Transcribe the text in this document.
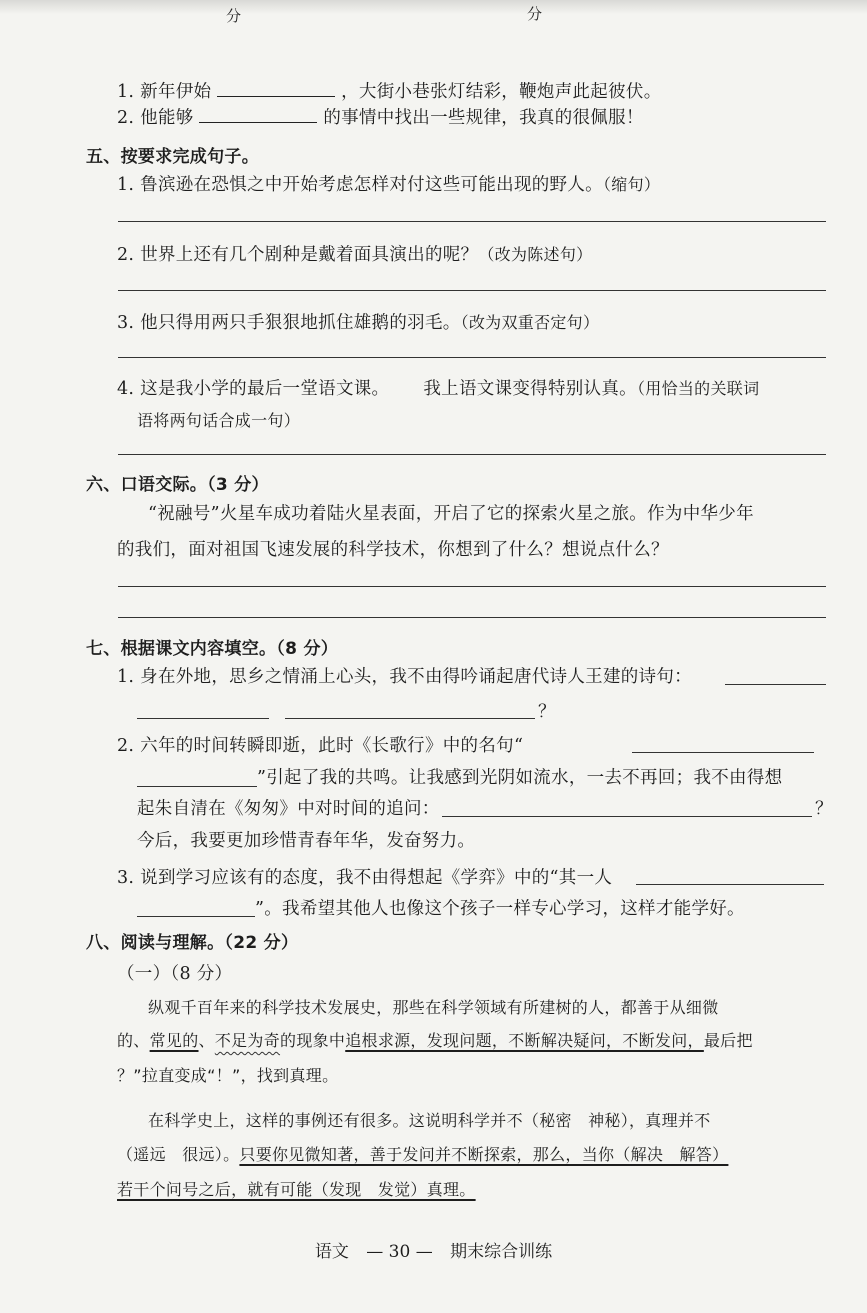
分	分
1. 新年伊始	，大街小巷张灯结彩，鞭炮声此起彼伏。
2. 他能够	的事情中找出一些规律，我真的很佩服！
五、按要求完成句子。
1. 鲁滨逊在恐惧之中开始考虑怎样对付这些可能出现的野人。（缩句）
2. 世界上还有几个剧种是戴着面具演出的呢？（改为陈述句）
3. 他只得用两只手狠狠地抓住雄鹅的羽毛。（改为双重否定句）
4. 这是我小学的最后一堂语文课。 我上语文课变得特别认真。（用恰当的关联词
语将两句话合成一句）
六、口语交际。（3 分）
“祝融号”火星车成功着陆火星表面，开启了它的探索火星之旅。作为中华少年
的我们，面对祖国飞速发展的科学技术，你想到了什么？想说点什么？
七、根据课文内容填空。（8 分）
1. 身在外地，思乡之情涌上心头，我不由得吟诵起唐代诗人王建的诗句：
？
2. 六年的时间转瞬即逝，此时《长歌行》中的名句“
”引起了我的共鸣。让我感到光阴如流水，一去不再回；我不由得想
起朱自清在《匆匆》中对时间的追问：	？
今后，我要更加珍惜青春年华，发奋努力。
3. 说到学习应该有的态度，我不由得想起《学弈》中的“其一人
”。我希望其他人也像这个孩子一样专心学习，这样才能学好。
八、阅读与理解。（22 分）
（一）（8 分）
纵观千百年来的科学技术发展史，那些在科学领域有所建树的人，都善于从细微
的、常见的、不足为奇的现象中追根求源，发现问题，不断解决疑问，不断发问，最后把
？”拉直变成“！”，找到真理。
在科学史上，这样的事例还有很多。这说明科学并不（秘密　神秘），真理并不
（遥远　很远）。只要你见微知著，善于发问并不断探索，那么，当你（解决　解答）
若干个问号之后，就有可能（发现　发觉）真理。
语文 — 30 — 期末综合训练
